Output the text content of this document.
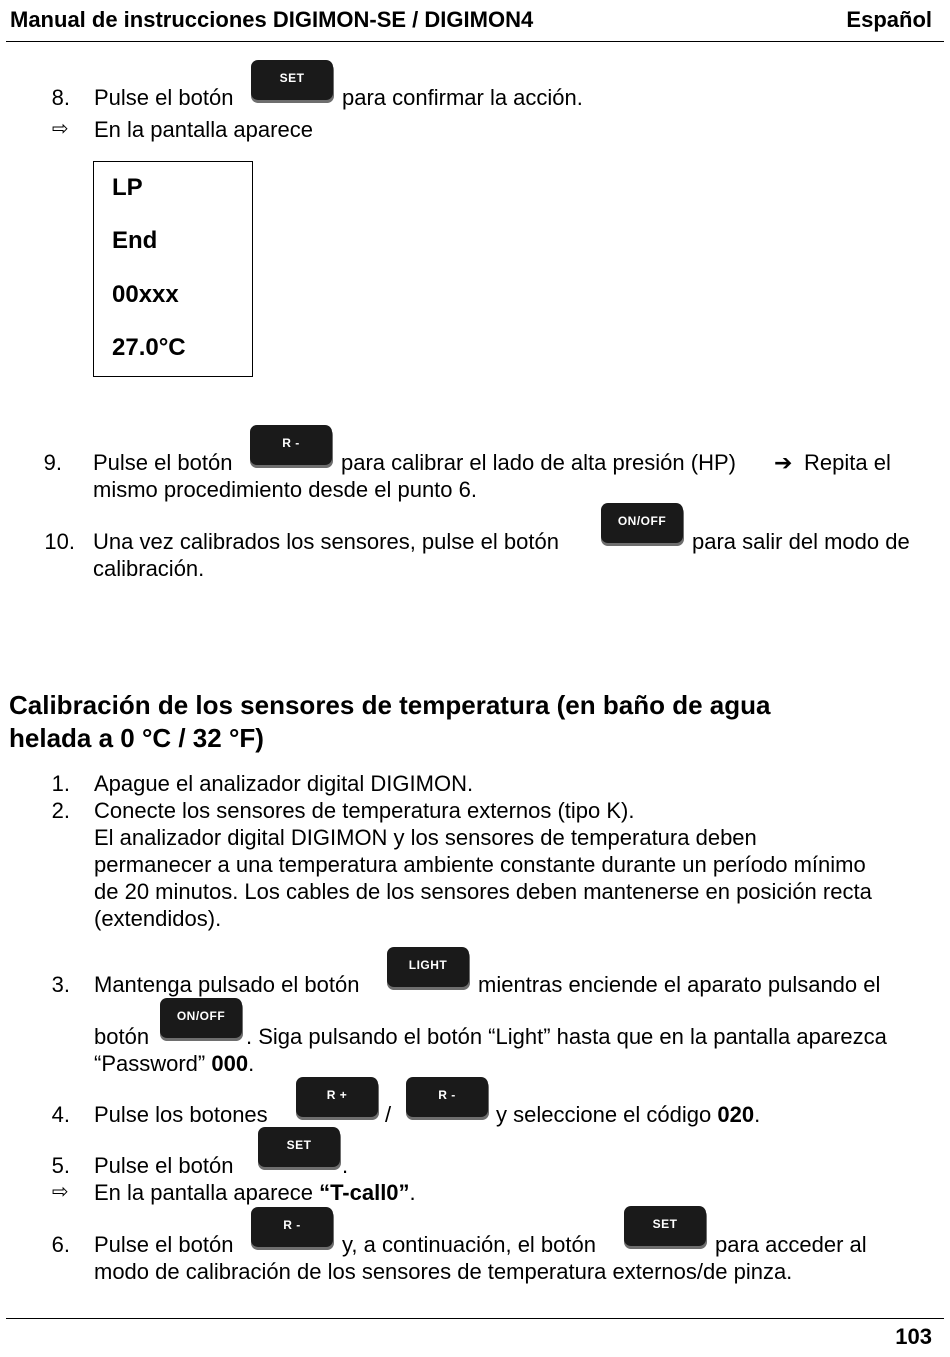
Manual de instrucciones DIGIMON-SE / DIGIMON4	Español
8. Pulse el botón
SET
para confirmar la acción.
⇨ En la pantalla aparece
LP
End
00xxx
27.0°C
9. Pulse el botón
R -
para calibrar el lado de alta presión (HP) ➔ Repita el
mismo procedimiento desde el punto 6.
10. Una vez calibrados los sensores, pulse el botón
ON/OFF
para salir del modo de
calibración.
Calibración de los sensores de temperatura (en baño de agua
helada a 0 °C / 32 °F)
1. Apague el analizador digital DIGIMON.
2. Conecte los sensores de temperatura externos (tipo K).
El analizador digital DIGIMON y los sensores de temperatura deben
permanecer a una temperatura ambiente constante durante un período mínimo
de 20 minutos. Los cables de los sensores deben mantenerse en posición recta
(extendidos).
3. Mantenga pulsado el botón
LIGHT
mientras enciende el aparato pulsando el
botón
ON/OFF
. Siga pulsando el botón “Light” hasta que en la pantalla aparezca
“Password” 000.
4. Pulse los botones
R +
/
R -
y seleccione el código 020.
5. Pulse el botón
SET
.
⇨ En la pantalla aparece “T-call0”.
6. Pulse el botón
R -
y, a continuación, el botón
SET
para acceder al
modo de calibración de los sensores de temperatura externos/de pinza.
103
